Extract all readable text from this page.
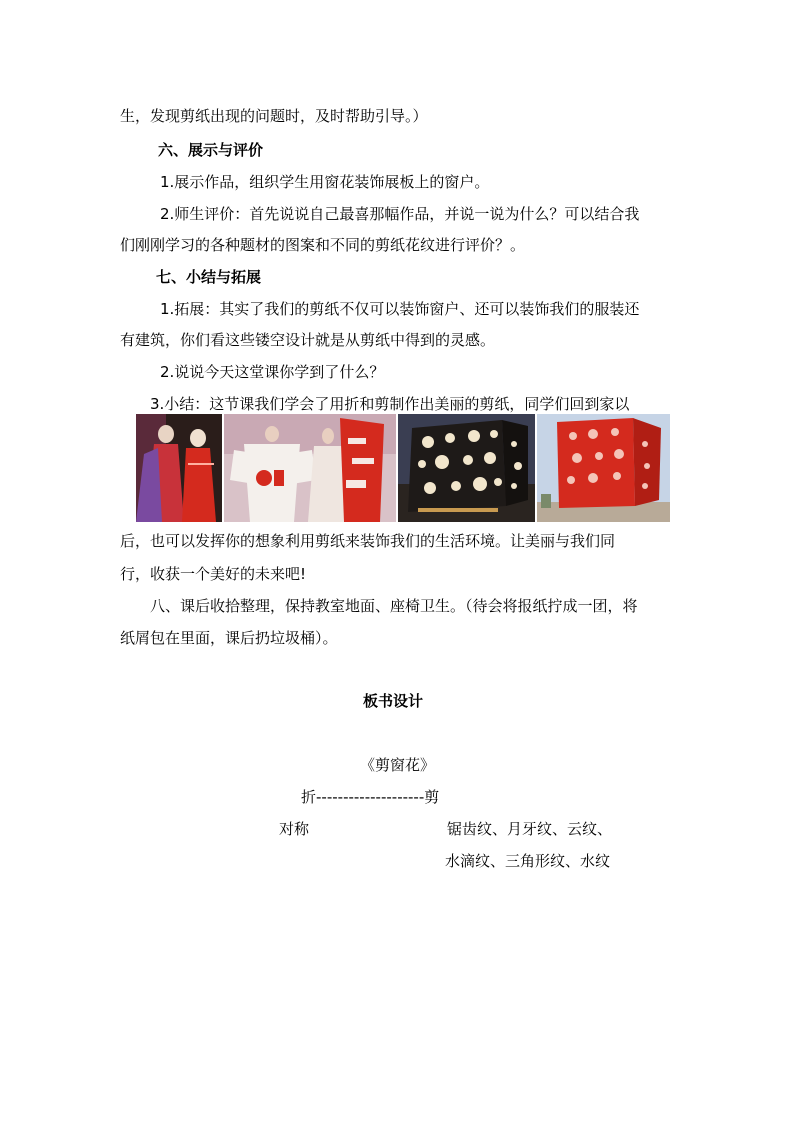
生，发现剪纸出现的问题时，及时帮助引导。）
六、展示与评价
1.展示作品，组织学生用窗花装饰展板上的窗户。
2.师生评价：首先说说自己最喜那幅作品，并说一说为什么？可以结合我
们刚刚学习的各种题材的图案和不同的剪纸花纹进行评价？。
七、小结与拓展
1.拓展：其实了我们的剪纸不仅可以装饰窗户、还可以装饰我们的服装还
有建筑，你们看这些镂空设计就是从剪纸中得到的灵感。
2.说说今天这堂课你学到了什么？
3.小结：这节课我们学会了用折和剪制作出美丽的剪纸，同学们回到家以
后，也可以发挥你的想象利用剪纸来装饰我们的生活环境。让美丽与我们同
行，收获一个美好的未来吧!
八、课后收拾整理，保持教室地面、座椅卫生。（待会将报纸拧成一团，将
纸屑包在里面，课后扔垃圾桶）。
板书设计
《剪窗花》
折--------------------剪
对称	锯齿纹、月牙纹、云纹、
水滴纹、三角形纹、水纹
